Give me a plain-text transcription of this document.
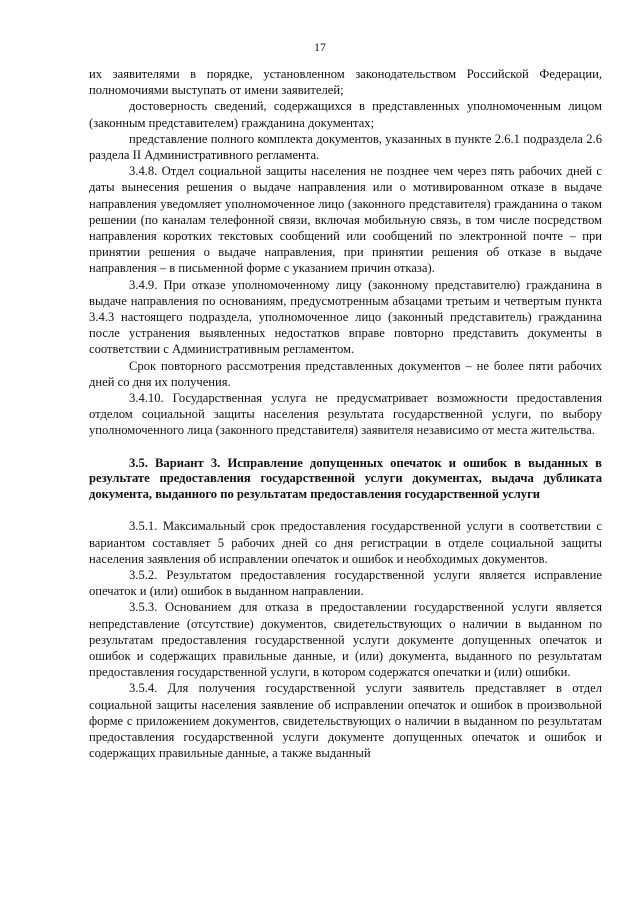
17

их заявителями в порядке, установленном законодательством Российской Федерации, полномочиями выступать от имени заявителей;

достоверность сведений, содержащихся в представленных уполномоченным лицом (законным представителем) гражданина документах;

представление полного комплекта документов, указанных в пункте 2.6.1 подраздела 2.6 раздела II Административного регламента.

3.4.8. Отдел социальной защиты населения не позднее чем через пять рабочих дней с даты вынесения решения о выдаче направления или о мотивированном отказе в выдаче направления уведомляет уполномоченное лицо (законного представителя) гражданина о таком решении (по каналам телефонной связи, включая мобильную связь, в том числе посредством направления коротких текстовых сообщений или сообщений по электронной почте – при принятии решения о выдаче направления, при принятии решения об отказе в выдаче направления – в письменной форме с указанием причин отказа).

3.4.9. При отказе уполномоченному лицу (законному представителю) гражданина в выдаче направления по основаниям, предусмотренным абзацами третьим и четвертым пункта 3.4.3 настоящего подраздела, уполномоченное лицо (законный представитель) гражданина после устранения выявленных недостатков вправе повторно представить документы в соответствии с Административным регламентом.

Срок повторного рассмотрения представленных документов – не более пяти рабочих дней со дня их получения.

3.4.10. Государственная услуга не предусматривает возможности предоставления отделом социальной защиты населения результата государственной услуги, по выбору уполномоченного лица (законного представителя) заявителя независимо от места жительства.

3.5. Вариант 3. Исправление допущенных опечаток и ошибок в выданных в результате предоставления государственной услуги документах, выдача дубликата документа, выданного по результатам предоставления государственной услуги

3.5.1. Максимальный срок предоставления государственной услуги в соответствии с вариантом составляет 5 рабочих дней со дня регистрации в отделе социальной защиты населения заявления об исправлении опечаток и ошибок и необходимых документов.

3.5.2. Результатом предоставления государственной услуги является исправление опечаток и (или) ошибок в выданном направлении.

3.5.3. Основанием для отказа в предоставлении государственной услуги является непредставление (отсутствие) документов, свидетельствующих о наличии в выданном по результатам предоставления государственной услуги документе допущенных опечаток и ошибок и содержащих правильные данные, и (или) документа, выданного по результатам предоставления государственной услуги, в котором содержатся опечатки и (или) ошибки.

3.5.4. Для получения государственной услуги заявитель представляет в отдел социальной защиты населения заявление об исправлении опечаток и ошибок в произвольной форме с приложением документов, свидетельствующих о наличии в выданном по результатам предоставления государственной услуги документе допущенных опечаток и ошибок и содержащих правильные данные, а также выданный
